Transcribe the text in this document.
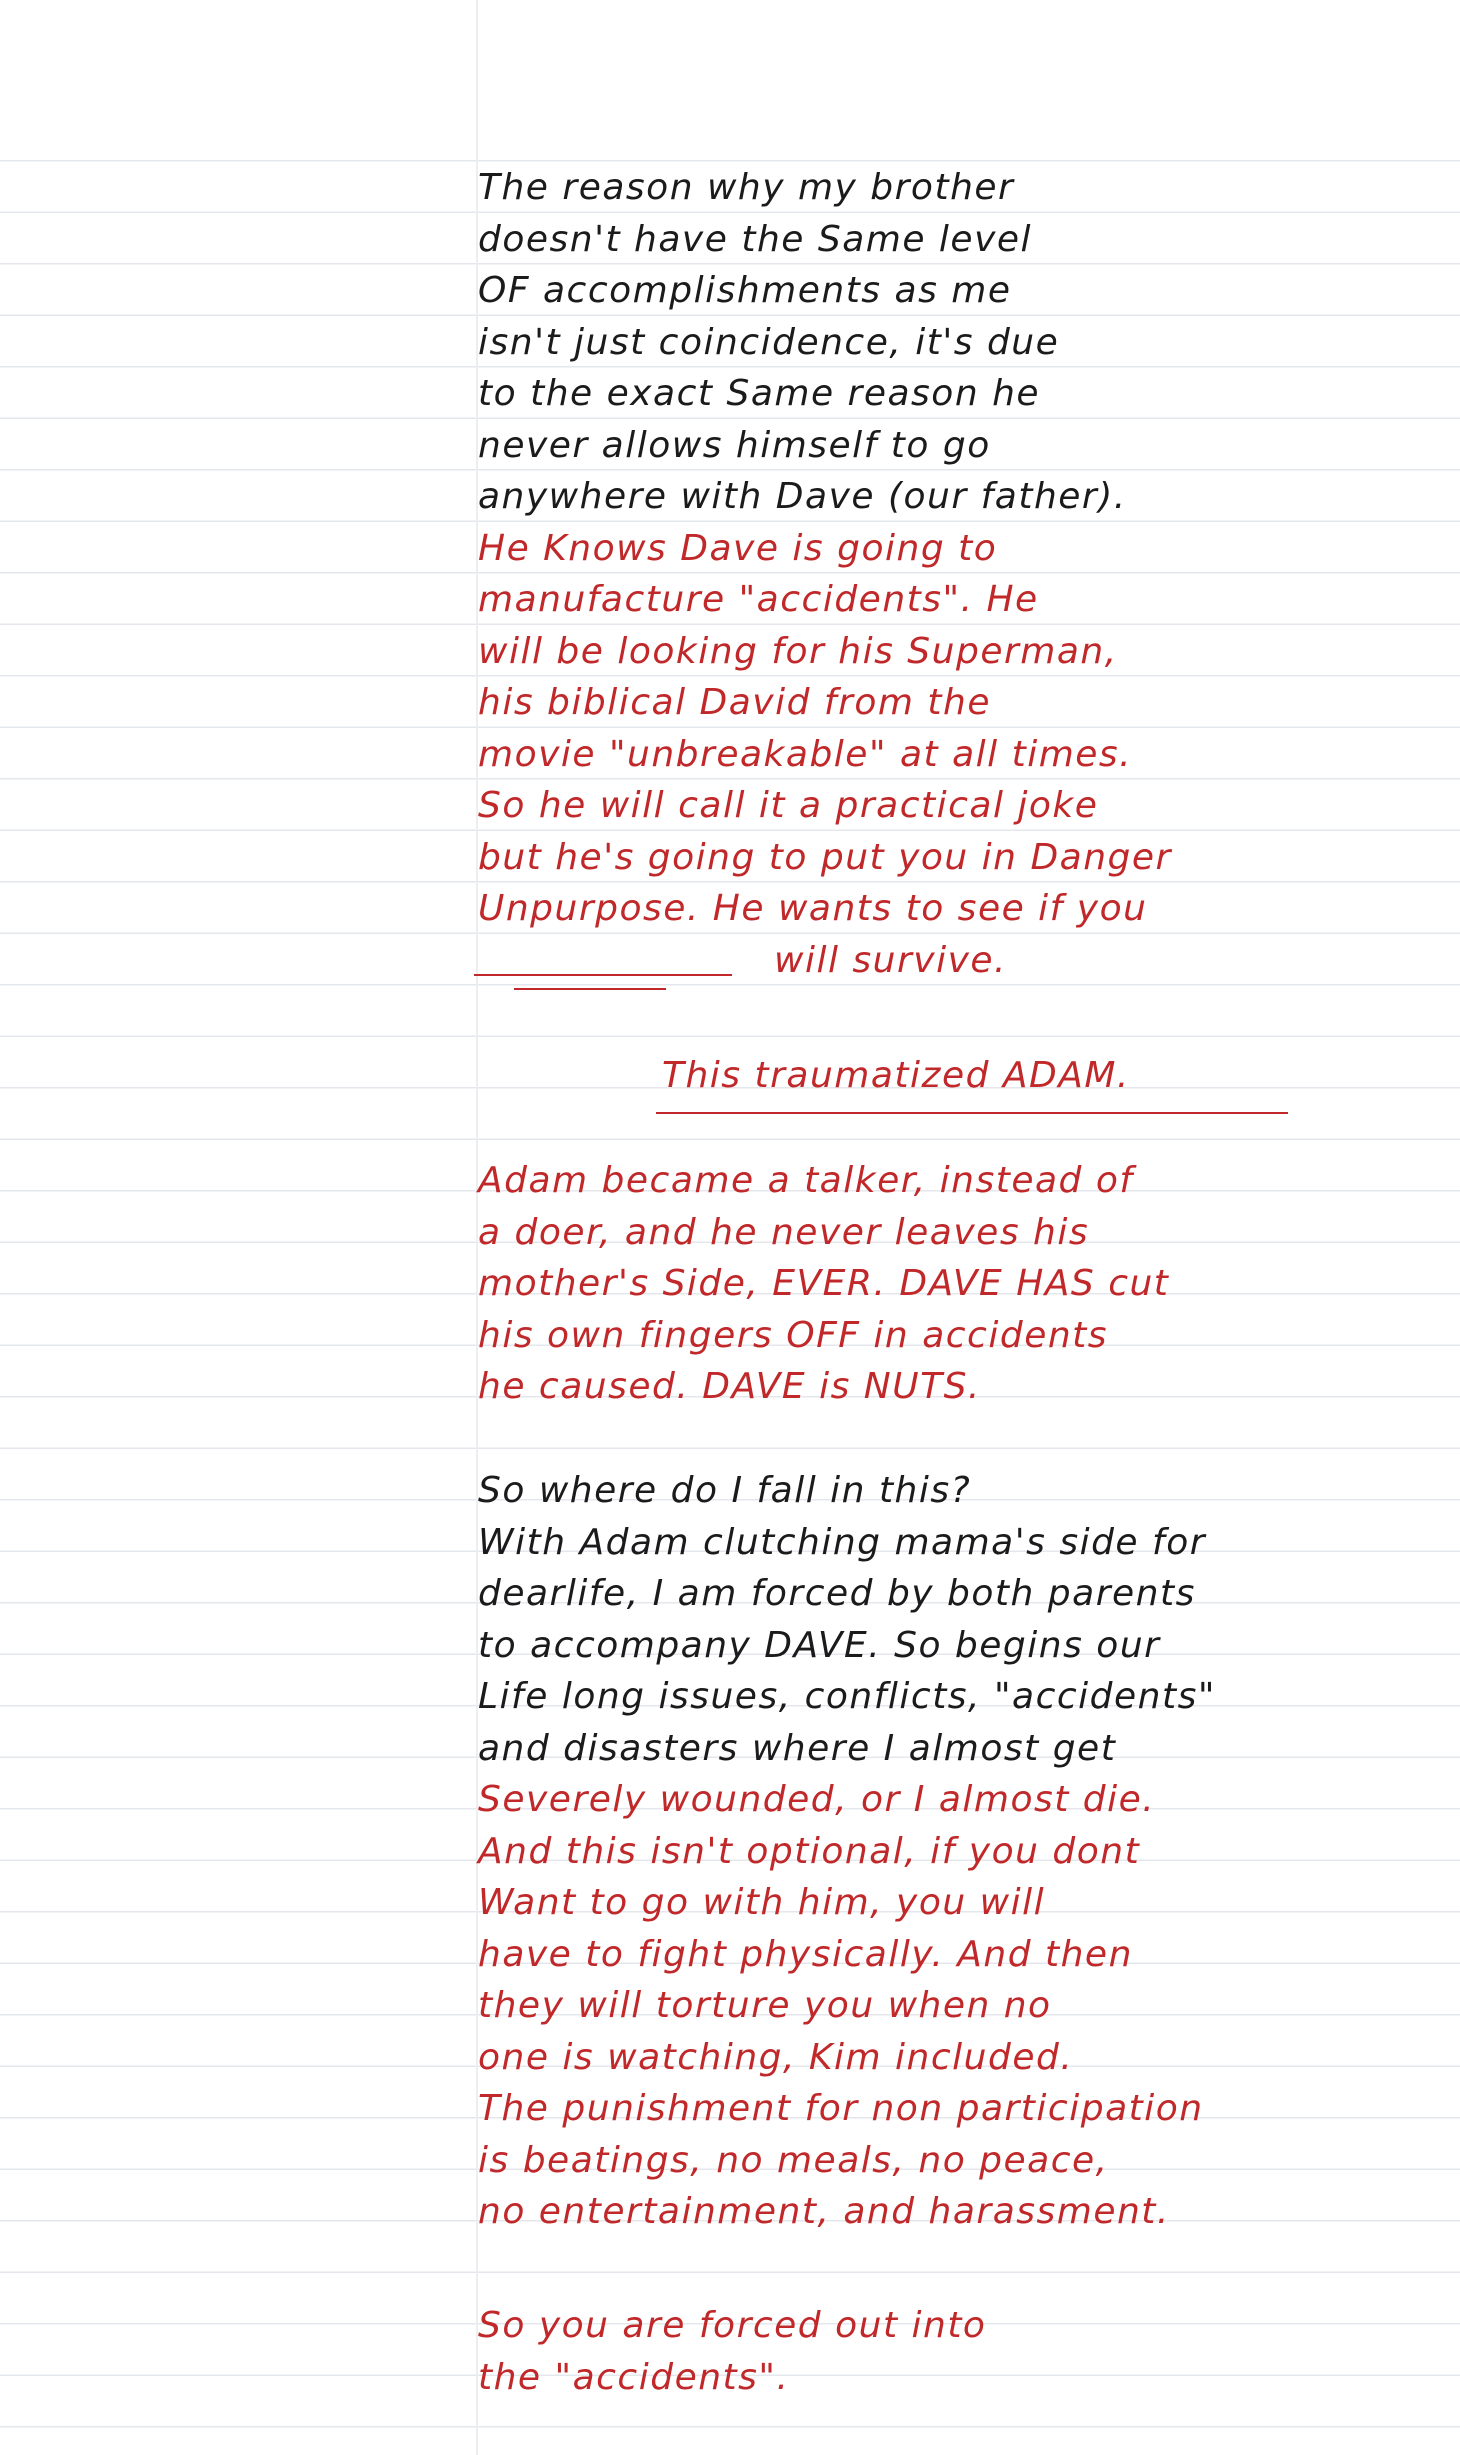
The reason why my brother
doesn't have the Same level
OF accomplishments as me
isn't just coincidence, it's due
to the exact Same reason he
never allows himself to go
anywhere with Dave (our father).
He Knows Dave is going to
manufacture "accidents". He
will be looking for his Superman,
his biblical David from the
movie "unbreakable" at all times.
So he will call it a practical joke
but he's going to put you in Danger
Unpurpose. He wants to see if you
will survive.
This traumatized ADAM.
Adam became a talker, instead of
a doer, and he never leaves his
mother's Side, EVER. DAVE HAS cut
his own fingers OFF in accidents
he caused. DAVE is NUTS.
So where do I fall in this?
With Adam clutching mama's side for
dearlife, I am forced by both parents
to accompany DAVE. So begins our
Life long issues, conflicts, "accidents"
and disasters where I almost get
Severely wounded, or I almost die.
And this isn't optional, if you dont
Want to go with him, you will
have to fight physically. And then
they will torture you when no
one is watching, Kim included.
The punishment for non participation
is beatings, no meals, no peace,
no entertainment, and harassment.
So you are forced out into
the "accidents".
